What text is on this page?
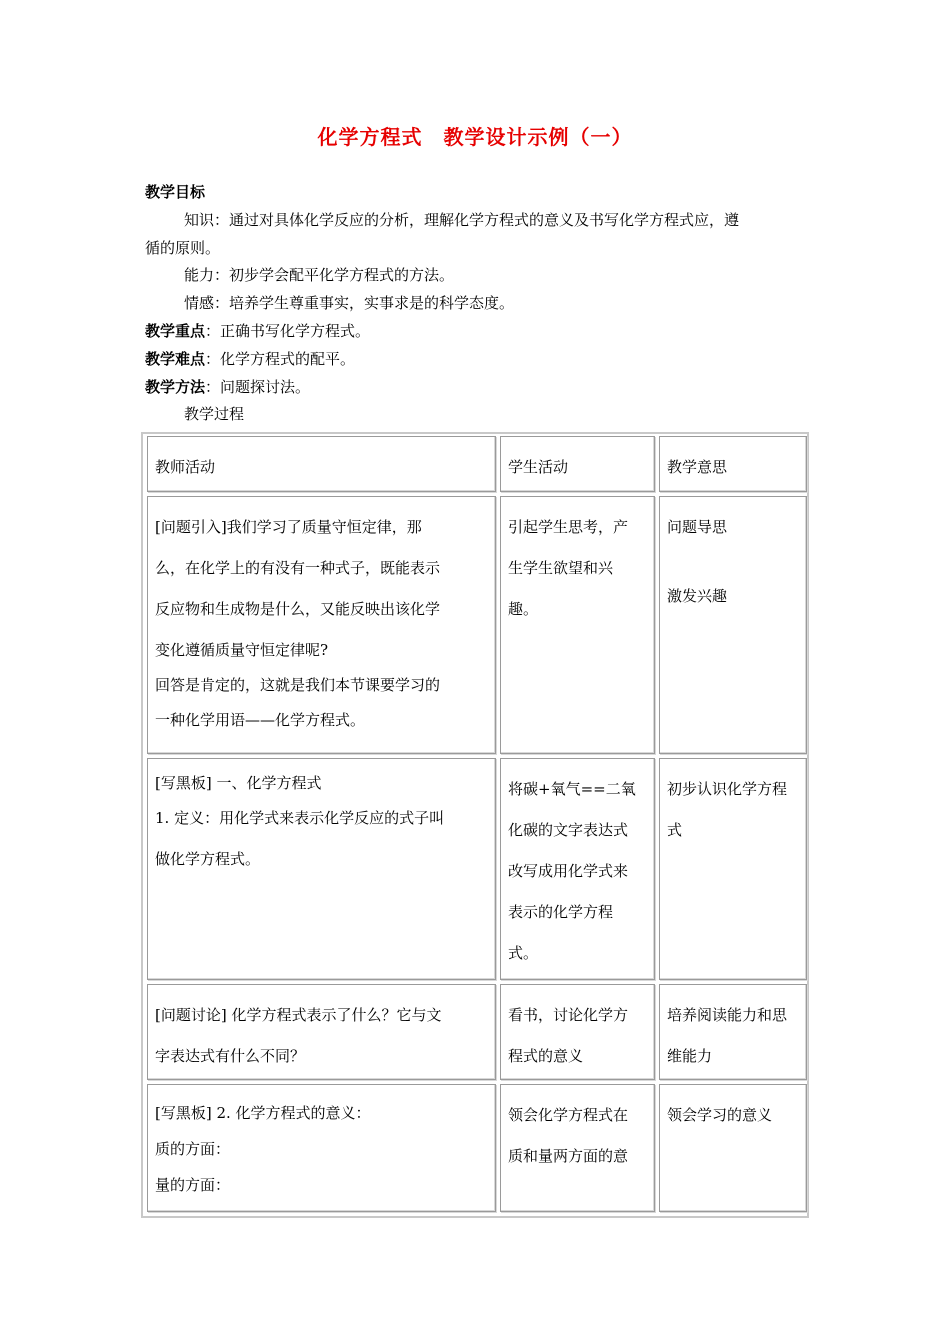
化学方程式　教学设计示例（一）
教学目标
知识：通过对具体化学反应的分析，理解化学方程式的意义及书写化学方程式应，遵
循的原则。
能力：初步学会配平化学方程式的方法。
情感：培养学生尊重事实，实事求是的科学态度。
教学重点：正确书写化学方程式。
教学难点：化学方程式的配平。
教学方法：问题探讨法。
教学过程
教师活动	学生活动	教学意思

[问题引入]我们学习了质量守恒定律，那

么，在化学上的有没有一种式子，既能表示

反应物和生成物是什么，又能反映出该化学

变化遵循质量守恒定律呢?

回答是肯定的，这就是我们本节课要学习的

一种化学用语——化学方程式。

引起学生思考，产

生学生欲望和兴

趣。

问题导思

激发兴趣

[写黑板] 一、化学方程式

1. 定义：用化学式来表示化学反应的式子叫

做化学方程式。

将碳+氧气==二氧

化碳的文字表达式

改写成用化学式来

表示的化学方程

式。

初步认识化学方程

式

[问题讨论] 化学方程式表示了什么？它与文

字表达式有什么不同？

看书，讨论化学方

程式的意义

培养阅读能力和思

维能力

[写黑板] 2. 化学方程式的意义：

质的方面：

量的方面：

领会化学方程式在

质和量两方面的意

领会学习的意义
